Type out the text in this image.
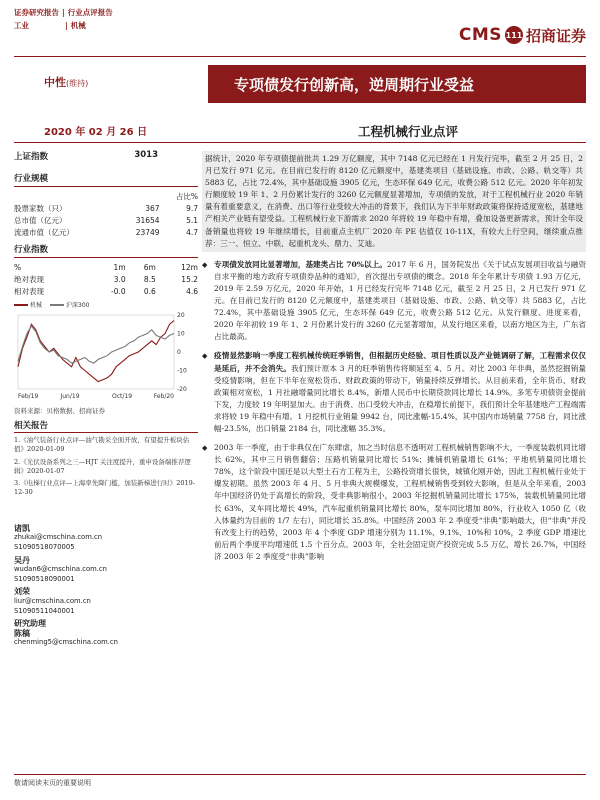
证券研究报告 | 行业点评报告
工业	| 机械	CMS 111 招商证券
中性(维持)	专项债发行创新高，逆周期行业受益
2020 年 02 月 26 日	工程机械行业点评
上证指数	3013
行业规模
		占比%
股票家数（只）	367	9.7
总市值（亿元）	31654	5.1
流通市值（亿元）	23749	4.7
行业指数
%	1m	6m	12m
绝对表现	3.0	8.5	15.2
相对表现	-0.0	0.6	4.6
机械	沪深300
20
10
0
-10
-20
Feb/19	Jun/19	Oct/19	Feb/20
资料来源：贝格数据、招商证券
相关报告
1.《油气装备行业点评—油气勘采全面开放，有望提升板块估值》2020-01-09
2.《光伏设备系列之三—HJT 关注度提升，重申设备端推荐逻辑》2020-01-07
3.《电梯行业点评—上海率先降门槛，加装新梯进行时》2019-12-30
诸凯
zhukai@cmschina.com.cn
S1090518070005
吴丹
wudan6@cmschina.com.cn
S1090518090001
刘荣
liur@cmschina.com.cn
S1090511040001
研究助理
陈稿
chenming5@cmschina.com.cn
据统计，2020 年专项债提前批共 1.29 万亿额度，其中 7148 亿元已经在 1 月发行完毕，截至 2 月 25 日，2 月已发行 971 亿元。在目前已发行的 8120 亿元额度中，基建类项目（基础设施、市政、公路、轨交等）共 5883 亿，占比 72.4%，其中基础设施 3905 亿元，生态环保 649 亿元，收费公路 512 亿元。2020 年年初发行额度较 19 年 1、2 月份累计发行的 3260 亿元额度显著增加，专项债的发放，对于工程机械行业 2020 年销量有着重要意义，在消费、出口等行业受较大冲击的背景下，我们认为下半年财政政策将保持适度宽松，基建地产相关产业链有望受益。工程机械行业下游需求 2020 年将较 19 年稳中有增，叠加设备更新需求，预计全年设备销量也将较 19 年继续增长，目前重点主机厂 2020 年 PE 估值仅 10-11X，有较大上行空间，继续重点推荐：三一、恒立、中联、起重机龙头、鼎力、艾迪。
◆ 专项债发放同比显著增加，基建类占比 70%以上。2017 年 6 月，国务院发出《关于试点发展项目收益与融资自求平衡的地方政府专项债券品种的通知》，首次提出专项债的概念。2018 年全年累计专项债 1.93 万亿元，2019 年 2.59 万亿元，2020 年开始，1 月已经发行完毕 7148 亿元，截至 2 月 25 日，2 月已发行 971 亿元。在目前已发行的 8120 亿元额度中，基建类项目（基础设施、市政、公路、轨交等）共 5883 亿，占比 72.4%，其中基础设施 3905 亿元，生态环保 649 亿元，收费公路 512 亿元。从发行额度、进度来看，2020 年年初较 19 年 1、2 月份累计发行的 3260 亿元显著增加，从发行地区来看，以南方地区为主，广东省占比最高。
◆ 疫情显然影响一季度工程机械传统旺季销售，但根据历史经验、项目性质以及产业链调研了解，工程需求仅仅是延后，并不会消失。我们预计原本 3 月的旺季销售传将顺延至 4、5 月。对比 2003 年非典，虽然挖掘销量受疫情影响，但在下半年在宽松货币、财政政策的带动下，销量持续反弹增长。从目前来看，全年货币、财政政策相对宽松，1 月社融增量同比增长 8.4%，新增人民币中长期贷款同比增长 14.9%。多笔专项债资金提前下发，力度较 19 年明显加大。由于消费、出口受较大冲击，在稳增长前提下，我们预计全年基建地产工程端需求将较 19 年稳中有增。1 月挖机行业销量 9942 台，同比涨幅-15.4%，其中国内市场销量 7758 台，同比涨幅-23.5%，出口销量 2184 台，同比涨幅 35.3%。
◆ 2003 年一季度，由于非典仅在广东肆虐，加之当时信息不透明对工程机械销售影响不大，一季度装载机同比增长 62%，其中三月销售翻倍；压路机销量同比增长 51%；摊铺机销量增长 61%；平地机销量同比增长 78%，这个阶段中国还是以大型土石方工程为主，公路投资增长很快，城镇化刚开始，因此工程机械行业处于爆发初期。虽然 2003 年 4 月、5 月非典大规模爆发，工程机械销售受到较大影响，但是从全年来看，2003 年中国经济仍处于高增长的阶段，受非典影响很小，2003 年挖掘机销量同比增长 175%，装载机销量同比增长 63%，叉车同比增长 49%，汽车起重机销量同比增长 80%，泵车同比增加 80%，行业收入 1050 亿（收入体量约为目前的 1/7 左右），同比增长 35.8%。中国经济 2003 年 2 季度受“非典”影响最大，但“非典”并没有改变上行的趋势，2003 年 4 个季度 GDP 增速分别为 11.1%、9.1%、10%和 10%，2 季度 GDP 增速比前后两个季度平均增速低 1.5 个百分点。2003 年，全社会固定资产投资完成 5.5 万亿，增长 26.7%，中国经济 2003 年 2 季度受“非典”影响
敬请阅读末页的重要说明
